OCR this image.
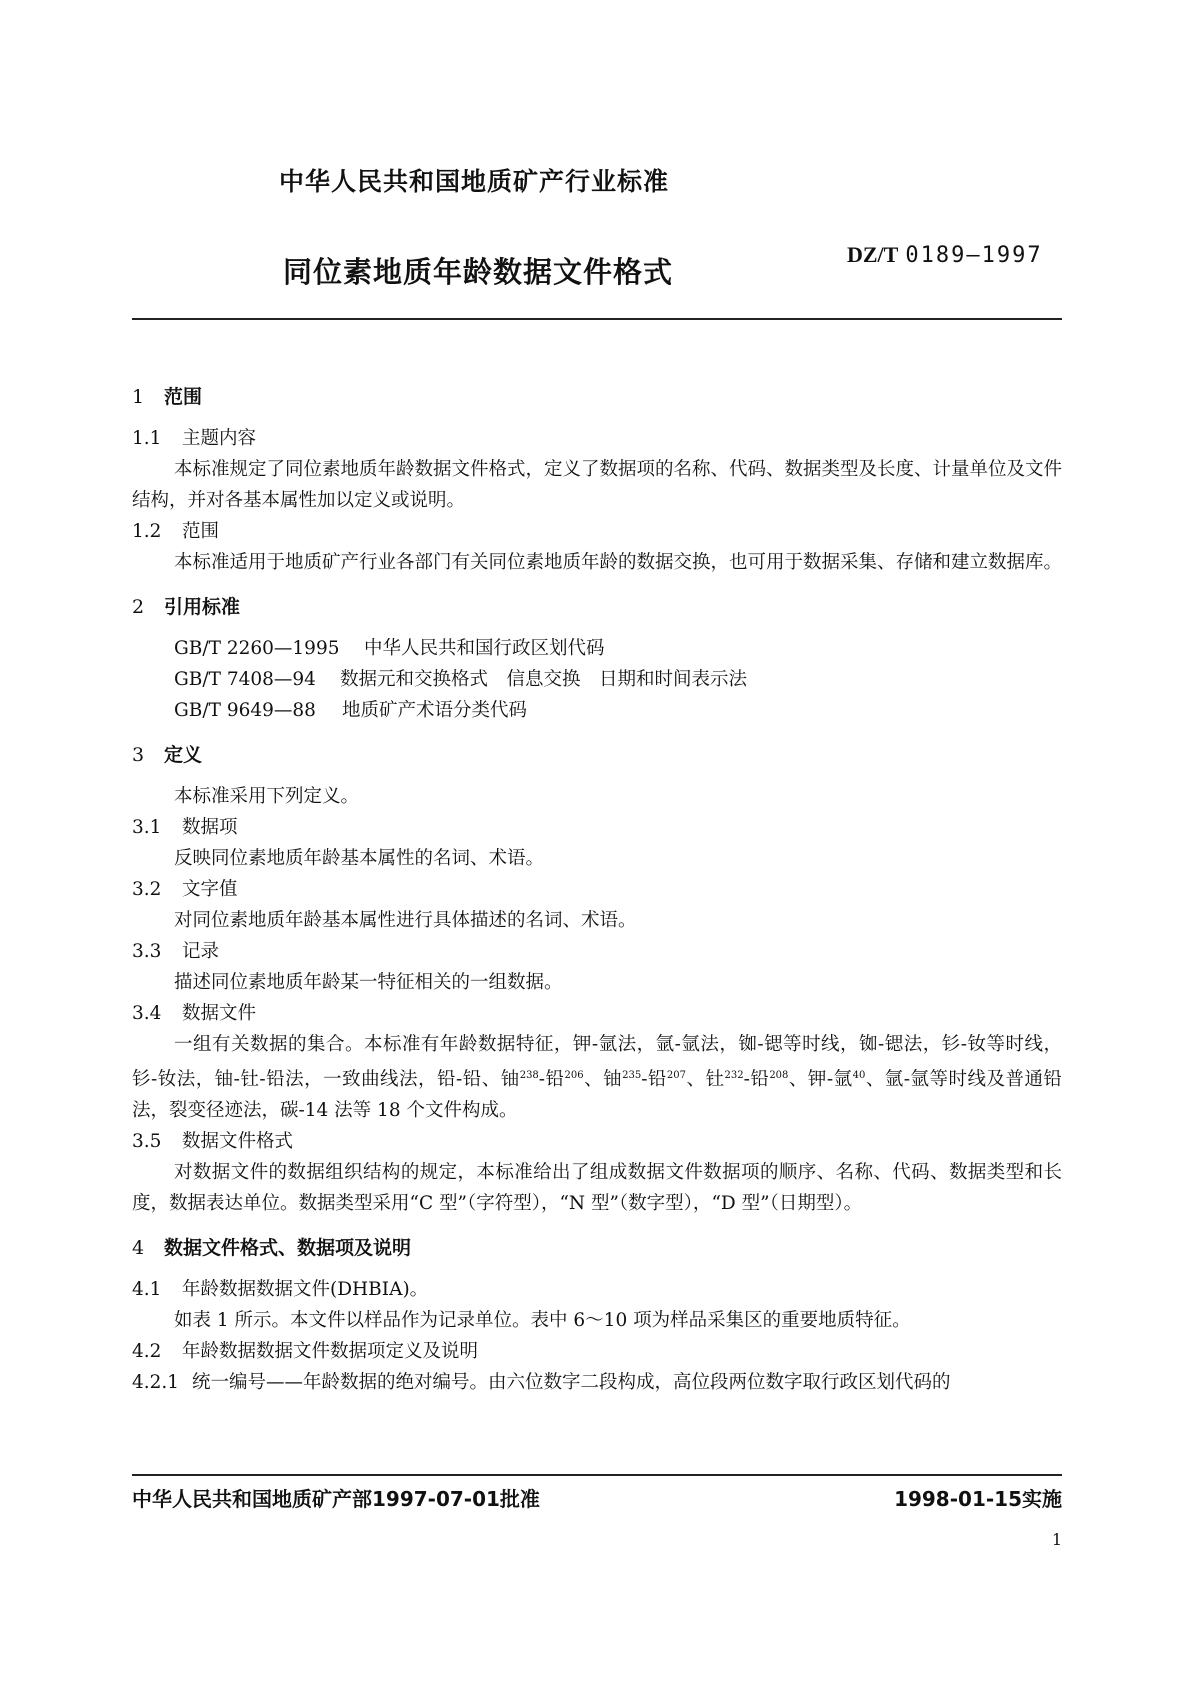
中华人民共和国地质矿产行业标准
同位素地质年龄数据文件格式
DZ/T 0189—1997
1 范围
1.1 主题内容
本标准规定了同位素地质年龄数据文件格式，定义了数据项的名称、代码、数据类型及长度、计量单位及文件结构，并对各基本属性加以定义或说明。
1.2 范围
本标准适用于地质矿产行业各部门有关同位素地质年龄的数据交换，也可用于数据采集、存储和建立数据库。
2 引用标准
GB/T 2260—1995 中华人民共和国行政区划代码
GB/T 7408—94 数据元和交换格式　信息交换　日期和时间表示法
GB/T 9649—88 地质矿产术语分类代码
3 定义
本标准采用下列定义。
3.1 数据项
反映同位素地质年龄基本属性的名词、术语。
3.2 文字值
对同位素地质年龄基本属性进行具体描述的名词、术语。
3.3 记录
描述同位素地质年龄某一特征相关的一组数据。
3.4 数据文件
一组有关数据的集合。本标准有年龄数据特征，钾-氩法，氩-氩法，铷-锶等时线，铷-锶法，钐-钕等时线，钐-钕法，铀-钍-铅法，一致曲线法，铅-铅、铀$^{238}$-铅$^{206}$、铀$^{235}$-铅$^{207}$、钍$^{232}$-铅$^{208}$、钾-氩$^{40}$、氩-氩等时线及普通铅法，裂变径迹法，碳-14 法等 18 个文件构成。
3.5 数据文件格式
对数据文件的数据组织结构的规定，本标准给出了组成数据文件数据项的顺序、名称、代码、数据类型和长度，数据表达单位。数据类型采用“C 型”（字符型），“N 型”（数字型），“D 型”（日期型）。
4 数据文件格式、数据项及说明
4.1 年龄数据数据文件(DHBIA)。
如表 1 所示。本文件以样品作为记录单位。表中 6～10 项为样品采集区的重要地质特征。
4.2 年龄数据数据文件数据项定义及说明
4.2.1 统一编号——年龄数据的绝对编号。由六位数字二段构成，高位段两位数字取行政区划代码的
中华人民共和国地质矿产部1997-07-01批准	1998-01-15实施
1
